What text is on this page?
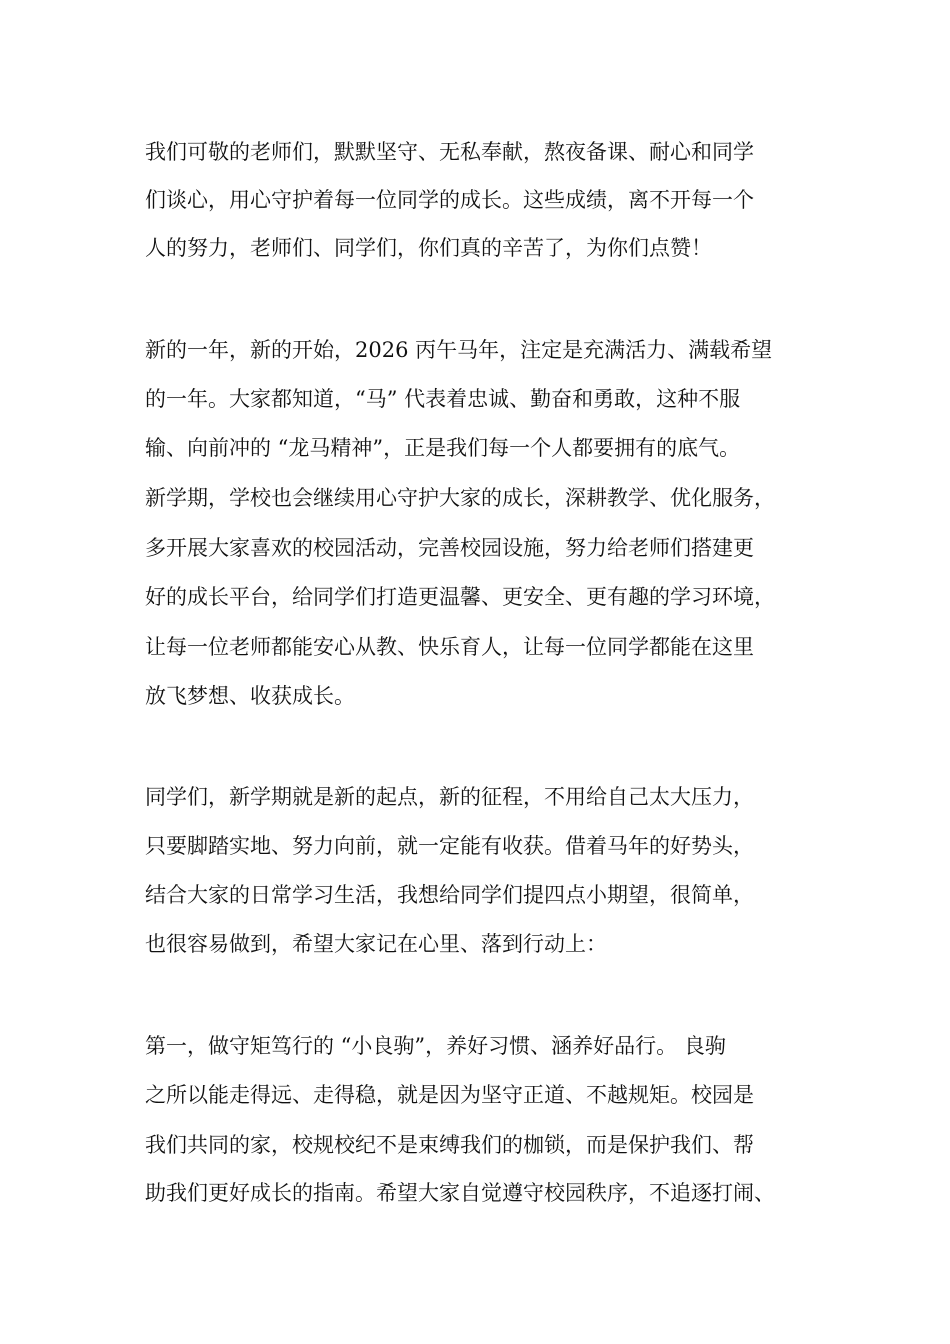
我们可敬的老师们，默默坚守、无私奉献，熬夜备课、耐心和同学
们谈心，用心守护着每一位同学的成长。这些成绩，离不开每一个
人的努力，老师们、同学们，你们真的辛苦了，为你们点赞！
新的一年，新的开始，2026 丙午马年，注定是充满活力、满载希望
的一年。大家都知道，“马” 代表着忠诚、勤奋和勇敢，这种不服
输、向前冲的 “龙马精神”，正是我们每一个人都要拥有的底气。
新学期，学校也会继续用心守护大家的成长，深耕教学、优化服务，
多开展大家喜欢的校园活动，完善校园设施，努力给老师们搭建更
好的成长平台，给同学们打造更温馨、更安全、更有趣的学习环境，
让每一位老师都能安心从教、快乐育人，让每一位同学都能在这里
放飞梦想、收获成长。
同学们，新学期就是新的起点，新的征程，不用给自己太大压力，
只要脚踏实地、努力向前，就一定能有收获。借着马年的好势头，
结合大家的日常学习生活，我想给同学们提四点小期望，很简单，
也很容易做到，希望大家记在心里、落到行动上：
第一，做守矩笃行的 “小良驹”，养好习惯、涵养好品行。 良驹
之所以能走得远、走得稳，就是因为坚守正道、不越规矩。校园是
我们共同的家，校规校纪不是束缚我们的枷锁，而是保护我们、帮
助我们更好成长的指南。希望大家自觉遵守校园秩序，不追逐打闹、
